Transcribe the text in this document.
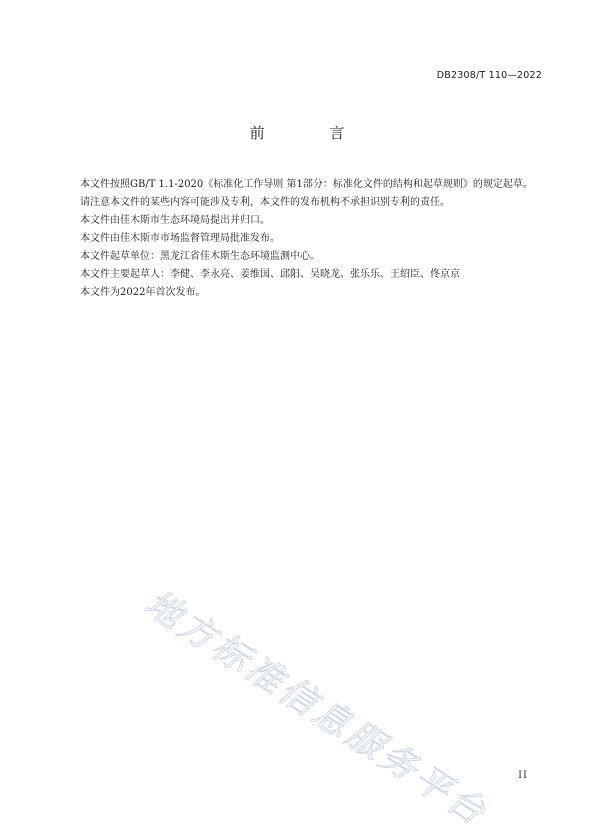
DB2308/T 110—2022
前 言

本文件按照GB/T 1.1-2020《标准化工作导则 第1部分：标准化文件的结构和起草规则》的规定起草。

请注意本文件的某些内容可能涉及专利，本文件的发布机构不承担识别专利的责任。

本文件由佳木斯市生态环境局提出并归口。

本文件由佳木斯市市场监督管理局批准发布。

本文件起草单位：黑龙江省佳木斯生态环境监测中心。

本文件主要起草人：李健、李永亮、姜维国、邱阳、吴晓龙、张乐乐、王绍臣、佟京京

本文件为2022年首次发布。

地方标准信息服务平台	II
